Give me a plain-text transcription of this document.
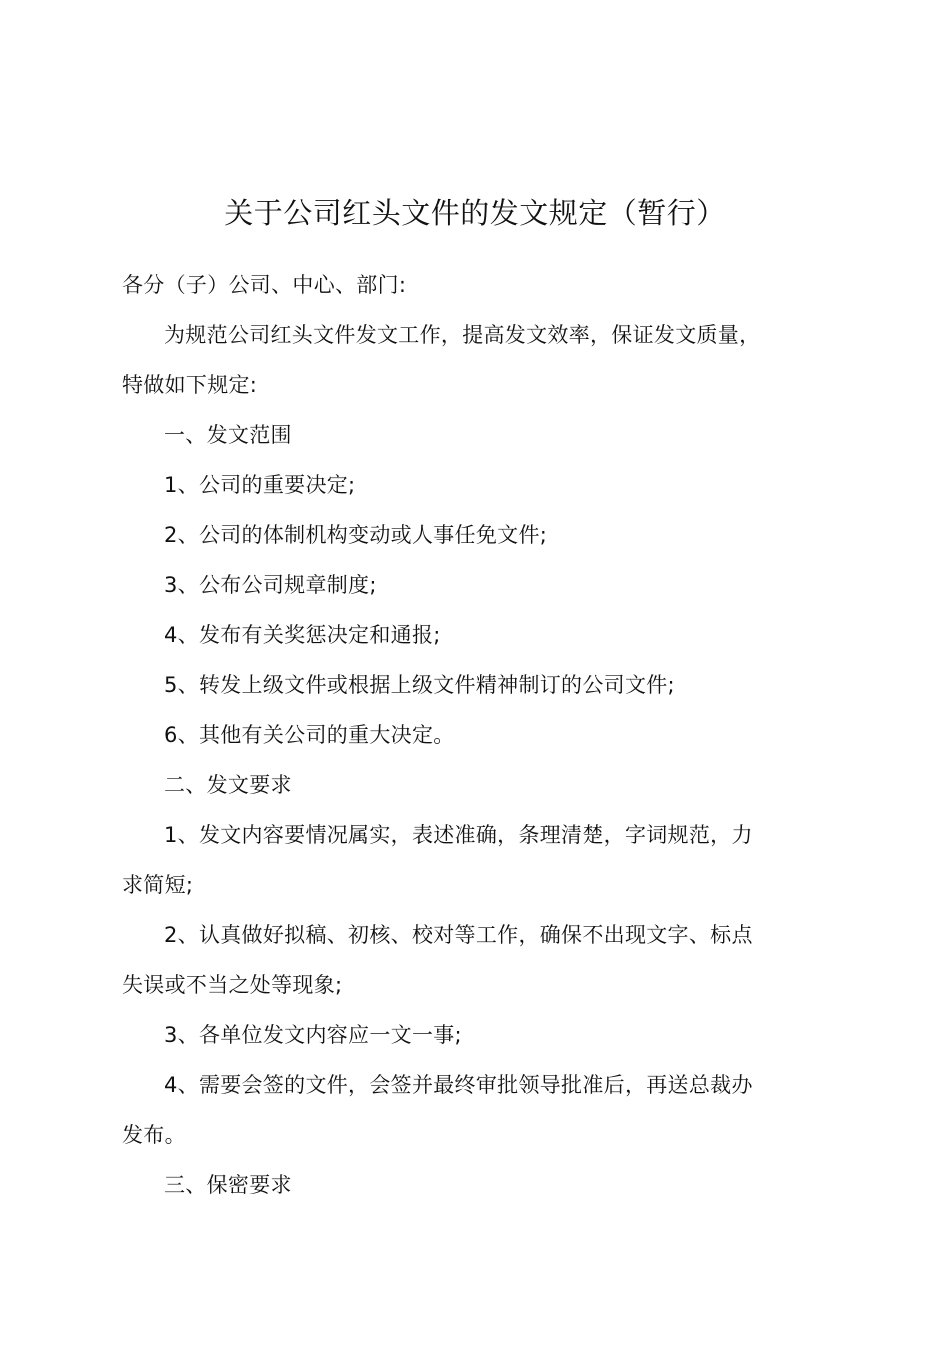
关于公司红头文件的发文规定（暂行）

各分（子）公司、中心、部门:

为规范公司红头文件发文工作，提高发文效率，保证发文质量，

特做如下规定:

一、发文范围

1、公司的重要决定;

2、公司的体制机构变动或人事任免文件;

3、公布公司规章制度;

4、发布有关奖惩决定和通报;

5、转发上级文件或根据上级文件精神制订的公司文件;

6、其他有关公司的重大决定。

二、发文要求

1、发文内容要情况属实，表述准确，条理清楚，字词规范，力

求简短;

2、认真做好拟稿、初核、校对等工作，确保不出现文字、标点

失误或不当之处等现象;

3、各单位发文内容应一文一事;

4、需要会签的文件，会签并最终审批领导批准后，再送总裁办

发布。

三、保密要求
